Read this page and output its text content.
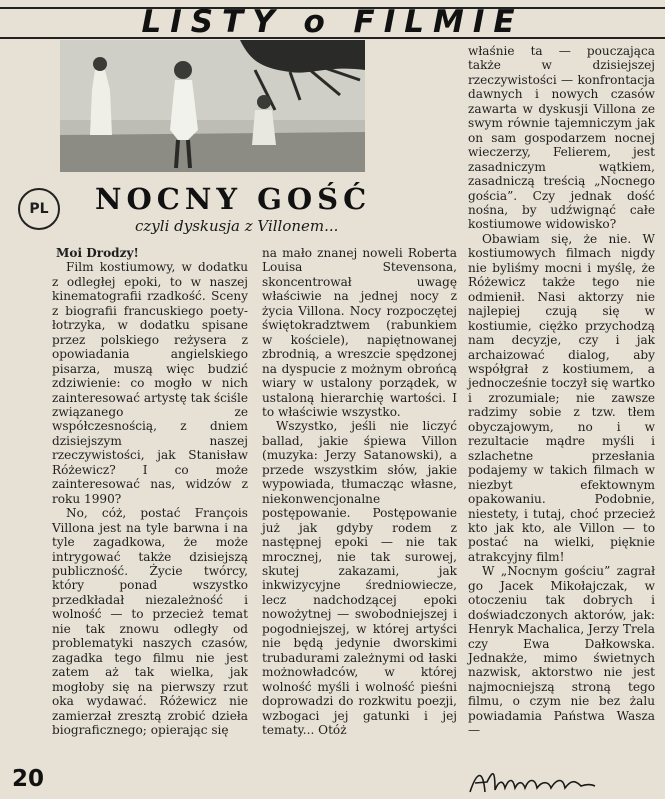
LISTY o FILMIE
PL	NOCNY GOŚĆ
czyli dyskusja z Villonem...

Moi Drodzy!

Film kostiumowy, w dodatku z odległej epoki, to w naszej kinematografii rzadkość. Sceny z biografii francuskiego poety-łotrzyka, w dodatku spisane przez polskiego reżysera z opowiadania angielskiego pisarza, muszą więc budzić zdziwienie: co mogło w nich zainteresować artystę tak ściśle związanego ze współczesnością, z dniem dzisiejszym naszej rzeczywistości, jak Stanisław Różewicz? I co może zainteresować nas, widzów z roku 1990?

No, cóż, postać François Villona jest na tyle barwna i na tyle zagadkowa, że może intrygować także dzisiejszą publiczność. Życie twórcy, który ponad wszystko przedkładał niezależność i wolność — to przecież temat nie tak znowu odległy od problematyki naszych czasów, zagadka tego filmu nie jest zatem aż tak wielka, jak mogłoby się na pierwszy rzut oka wydawać. Różewicz nie zamierzał zresztą zrobić dzieła biograficznego; opierając się

na mało znanej noweli Roberta Louisa Stevensona, skoncentrował uwagę właściwie na jednej nocy z życia Villona. Nocy rozpoczętej świętokradztwem (rabunkiem w kościele), napiętnowanej zbrodnią, a wreszcie spędzonej na dyspucie z możnym obrońcą wiary w ustalony porządek, w ustaloną hierarchię wartości. I to właściwie wszystko.

Wszystko, jeśli nie liczyć ballad, jakie śpiewa Villon (muzyka: Jerzy Satanowski), a przede wszystkim słów, jakie wypowiada, tłumacząc własne, niekonwencjonalne postępowanie. Postępowanie już jak gdyby rodem z następnej epoki — nie tak mrocznej, nie tak surowej, skutej zakazami, jak inkwizycyjne średniowiecze, lecz nadchodzącej epoki nowożytnej — swobodniejszej i pogodniejszej, w której artyści nie będą jedynie dworskimi trubadurami zależnymi od łaski możnowładców, w której wolność myśli i wolność pieśni doprowadzi do rozkwitu poezji, wzbogaci jej gatunki i jej tematy... Otóż

właśnie ta — pouczająca także w dzisiejszej rzeczywistości — konfrontacja dawnych i nowych czasów zawarta w dyskusji Villona ze swym równie tajemniczym jak on sam gospodarzem nocnej wieczerzy, Felierem, jest zasadniczym wątkiem, zasadniczą treścią „Nocnego gościa”. Czy jednak dość nośna, by udźwignąć całe kostiumowe widowisko?

Obawiam się, że nie. W kostiumowych filmach nigdy nie byliśmy mocni i myślę, że Różewicz także tego nie odmienił. Nasi aktorzy nie najlepiej czują się w kostiumie, ciężko przychodzą nam decyzje, czy i jak archaizować dialog, aby współgrał z kostiumem, a jednocześnie toczył się wartko i zrozumiale; nie zawsze radzimy sobie z tzw. tłem obyczajowym, no i w rezultacie mądre myśli i szlachetne przesłania podajemy w takich filmach w niezbyt efektownym opakowaniu. Podobnie, niestety, i tutaj, choć przecież kto jak kto, ale Villon — to postać na wielki, pięknie atrakcyjny film!

W „Nocnym gościu” zagrał go Jacek Mikołajczak, w otoczeniu tak dobrych i doświadczonych aktorów, jak: Henryk Machalica, Jerzy Trela czy Ewa Dałkowska. Jednakże, mimo świetnych nazwisk, aktorstwo nie jest najmocniejszą stroną tego filmu, o czym nie bez żalu powiadamia Państwa Wasza —

20
